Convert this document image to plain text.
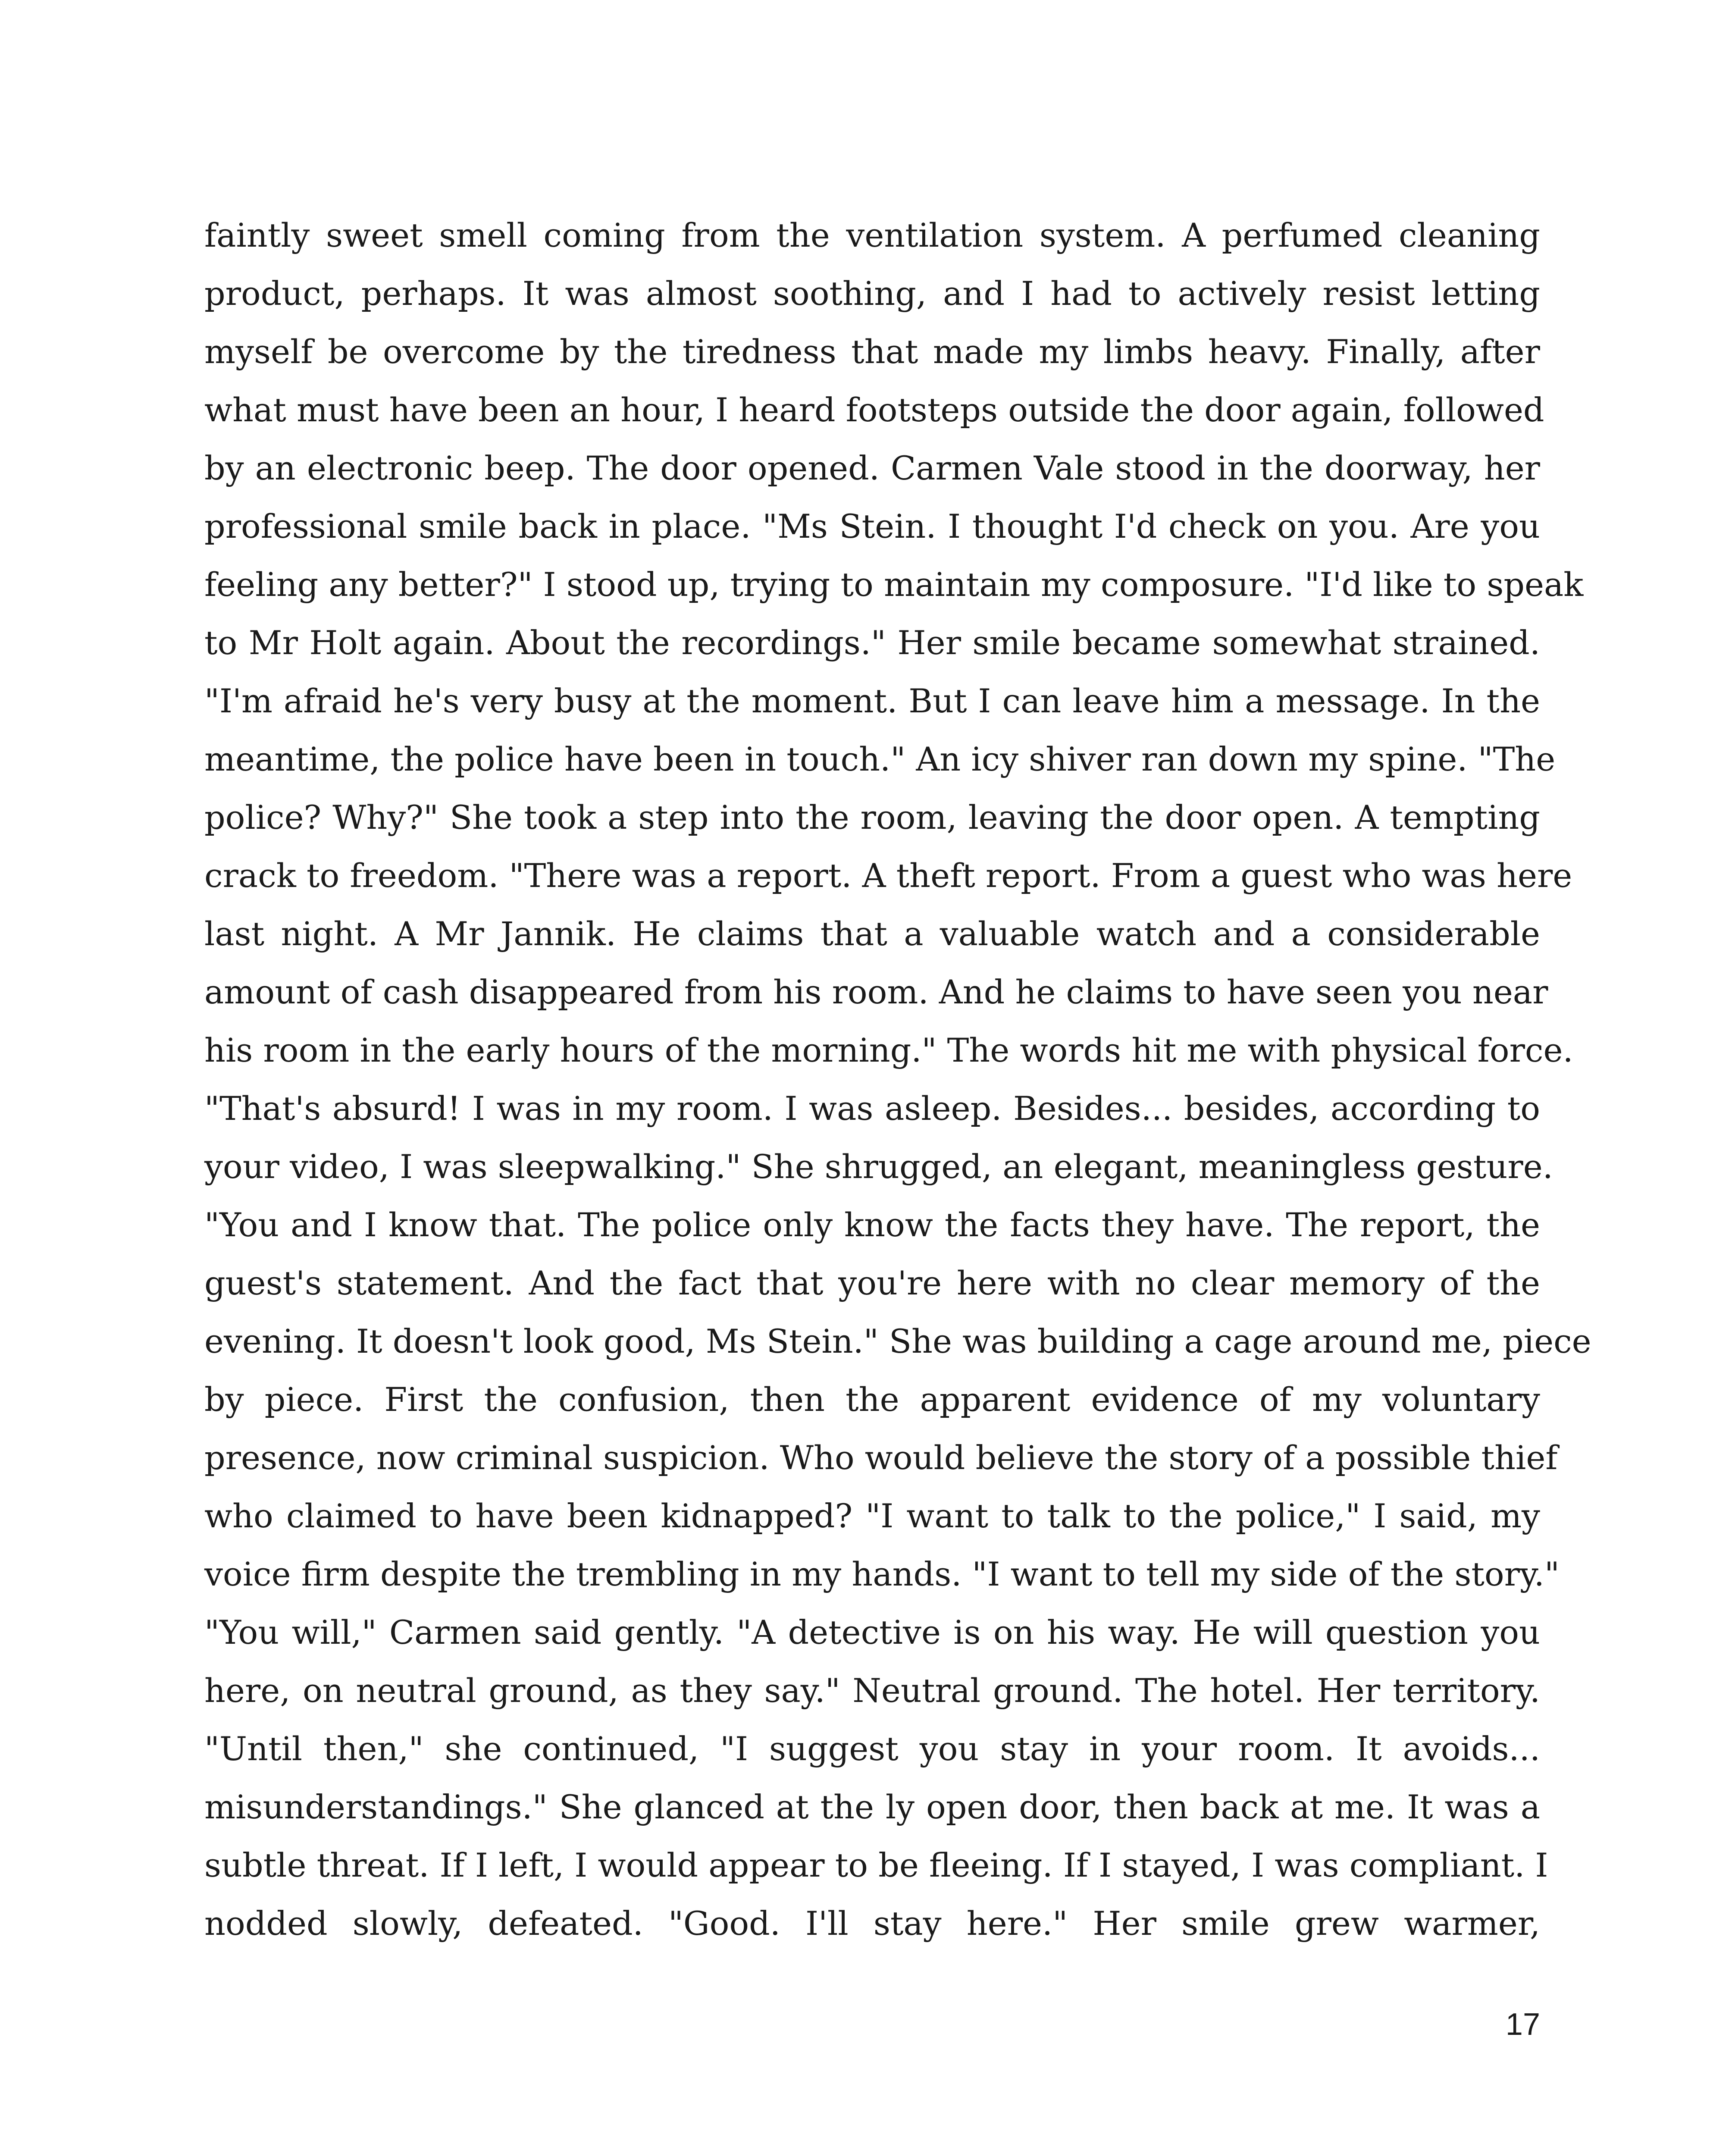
faintly sweet smell coming from the ventilation system. A perfumed cleaning
product, perhaps. It was almost soothing, and I had to actively resist letting
myself be overcome by the tiredness that made my limbs heavy. Finally, after
what must have been an hour, I heard footsteps outside the door again, followed
by an electronic beep. The door opened. Carmen Vale stood in the doorway, her
professional smile back in place. "Ms Stein. I thought I'd check on you. Are you
feeling any better?" I stood up, trying to maintain my composure. "I'd like to speak
to Mr Holt again. About the recordings." Her smile became somewhat strained.
"I'm afraid he's very busy at the moment. But I can leave him a message. In the
meantime, the police have been in touch." An icy shiver ran down my spine. "The
police? Why?" She took a step into the room, leaving the door open. A tempting
crack to freedom. "There was a report. A theft report. From a guest who was here
last night. A Mr Jannik. He claims that a valuable watch and a considerable
amount of cash disappeared from his room. And he claims to have seen you near
his room in the early hours of the morning." The words hit me with physical force.
"That's absurd! I was in my room. I was asleep. Besides... besides, according to
your video, I was sleepwalking." She shrugged, an elegant, meaningless gesture.
"You and I know that. The police only know the facts they have. The report, the
guest's statement. And the fact that you're here with no clear memory of the
evening. It doesn't look good, Ms Stein." She was building a cage around me, piece
by piece. First the confusion, then the apparent evidence of my voluntary
presence, now criminal suspicion. Who would believe the story of a possible thief
who claimed to have been kidnapped? "I want to talk to the police," I said, my
voice firm despite the trembling in my hands. "I want to tell my side of the story."
"You will," Carmen said gently. "A detective is on his way. He will question you
here, on neutral ground, as they say." Neutral ground. The hotel. Her territory.
"Until then," she continued, "I suggest you stay in your room. It avoids...
misunderstandings." She glanced at the ly open door, then back at me. It was a
subtle threat. If I left, I would appear to be fleeing. If I stayed, I was compliant. I
nodded slowly, defeated. "Good. I'll stay here." Her smile grew warmer,
17
